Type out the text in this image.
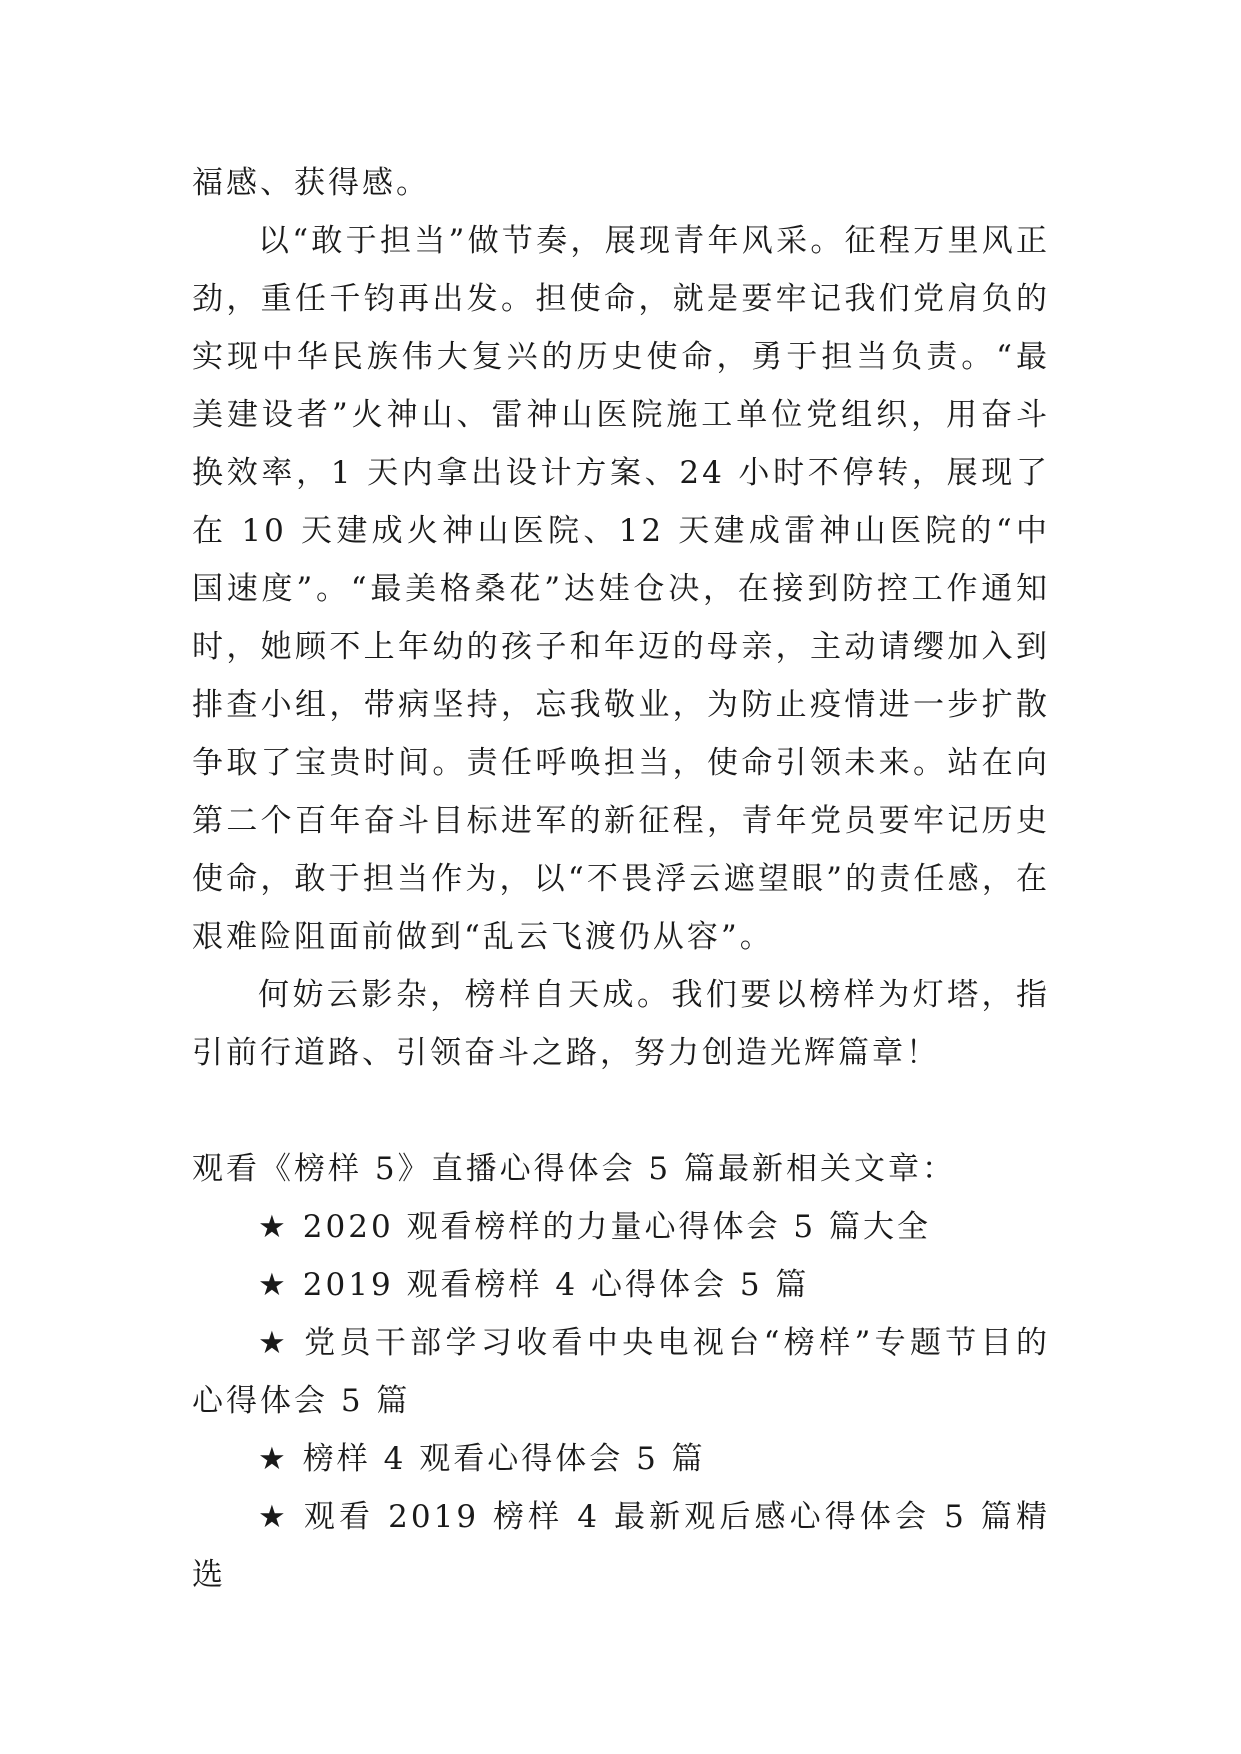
福感、获得感。

以“敢于担当”做节奏，展现青年风采。征程万里风正劲，重任千钧再出发。担使命，就是要牢记我们党肩负的实现中华民族伟大复兴的历史使命，勇于担当负责。“最美建设者”火神山、雷神山医院施工单位党组织，用奋斗换效率，1 天内拿出设计方案、24 小时不停转，展现了在 10 天建成火神山医院、12 天建成雷神山医院的“中国速度”。“最美格桑花”达娃仓决，在接到防控工作通知时，她顾不上年幼的孩子和年迈的母亲，主动请缨加入到排查小组，带病坚持，忘我敬业，为防止疫情进一步扩散争取了宝贵时间。责任呼唤担当，使命引领未来。站在向第二个百年奋斗目标进军的新征程，青年党员要牢记历史使命，敢于担当作为，以“不畏浮云遮望眼”的责任感，在艰难险阻面前做到“乱云飞渡仍从容”。

何妨云影杂，榜样自天成。我们要以榜样为灯塔，指引前行道路、引领奋斗之路，努力创造光辉篇章！

观看《榜样 5》直播心得体会 5 篇最新相关文章：

★ 2020 观看榜样的力量心得体会 5 篇大全
★ 2019 观看榜样 4 心得体会 5 篇
★ 党员干部学习收看中央电视台“榜样”专题节目的心得体会 5 篇
★ 榜样 4 观看心得体会 5 篇
★ 观看 2019 榜样 4 最新观后感心得体会 5 篇精选
